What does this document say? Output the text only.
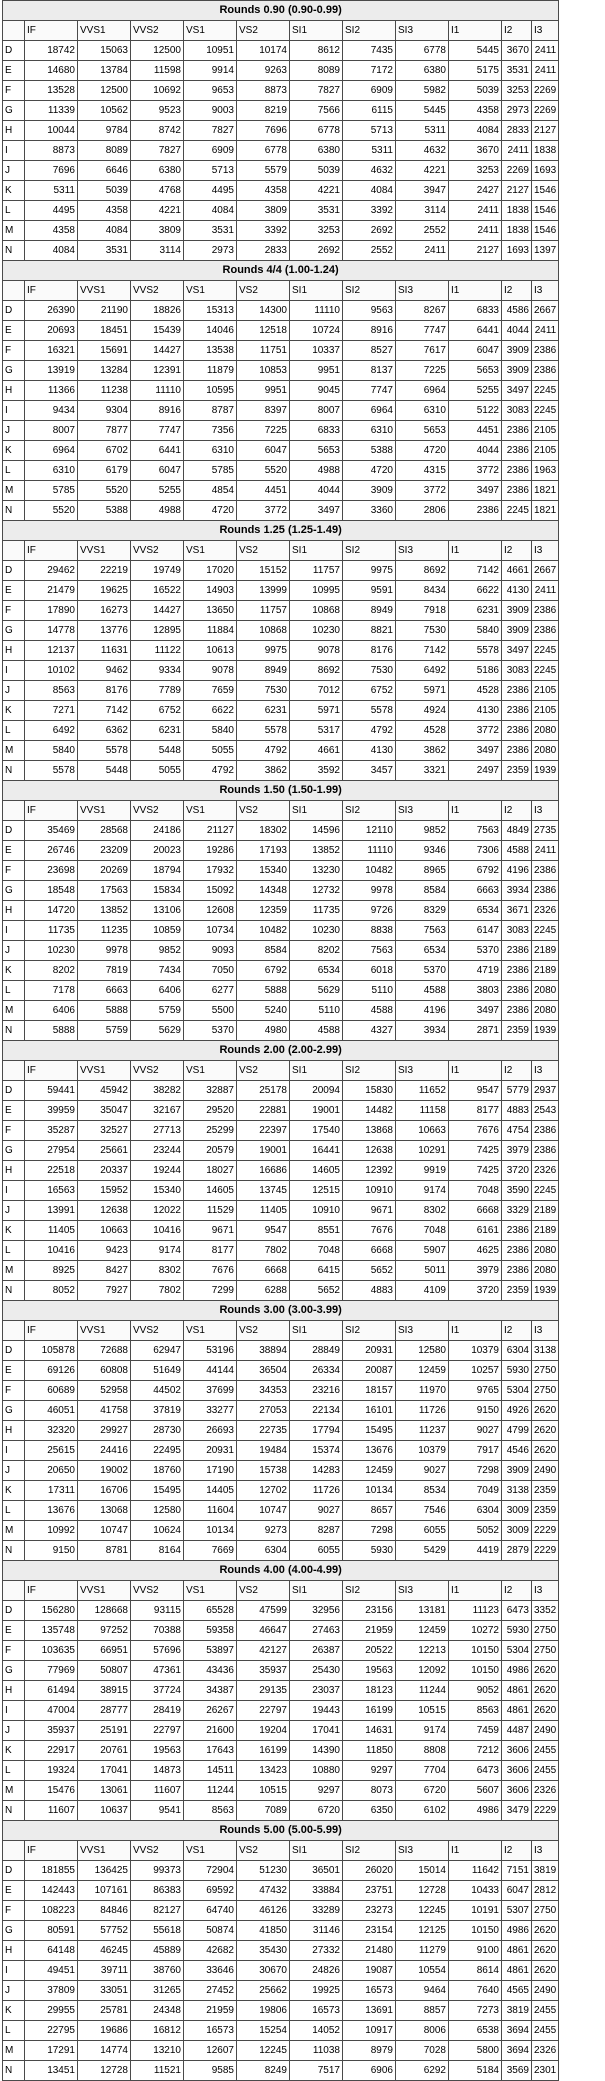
Rounds 0.90 (0.90-0.99)											
	IF	VVS1	VVS2	VS1	VS2	SI1	SI2	SI3	I1	I2	I3
D	18742	15063	12500	10951	10174	8612	7435	6778	5445	3670	2411
E	14680	13784	11598	9914	9263	8089	7172	6380	5175	3531	2411
F	13528	12500	10692	9653	8873	7827	6909	5982	5039	3253	2269
G	11339	10562	9523	9003	8219	7566	6115	5445	4358	2973	2269
H	10044	9784	8742	7827	7696	6778	5713	5311	4084	2833	2127
I	8873	8089	7827	6909	6778	6380	5311	4632	3670	2411	1838
J	7696	6646	6380	5713	5579	5039	4632	4221	3253	2269	1693
K	5311	5039	4768	4495	4358	4221	4084	3947	2427	2127	1546
L	4495	4358	4221	4084	3809	3531	3392	3114	2411	1838	1546
M	4358	4084	3809	3531	3392	3253	2692	2552	2411	1838	1546
N	4084	3531	3114	2973	2833	2692	2552	2411	2127	1693	1397
Rounds 4/4 (1.00-1.24)											
	IF	VVS1	VVS2	VS1	VS2	SI1	SI2	SI3	I1	I2	I3
D	26390	21190	18826	15313	14300	11110	9563	8267	6833	4586	2667
E	20693	18451	15439	14046	12518	10724	8916	7747	6441	4044	2411
F	16321	15691	14427	13538	11751	10337	8527	7617	6047	3909	2386
G	13919	13284	12391	11879	10853	9951	8137	7225	5653	3909	2386
H	11366	11238	11110	10595	9951	9045	7747	6964	5255	3497	2245
I	9434	9304	8916	8787	8397	8007	6964	6310	5122	3083	2245
J	8007	7877	7747	7356	7225	6833	6310	5653	4451	2386	2105
K	6964	6702	6441	6310	6047	5653	5388	4720	4044	2386	2105
L	6310	6179	6047	5785	5520	4988	4720	4315	3772	2386	1963
M	5785	5520	5255	4854	4451	4044	3909	3772	3497	2386	1821
N	5520	5388	4988	4720	3772	3497	3360	2806	2386	2245	1821
Rounds 1.25 (1.25-1.49)											
	IF	VVS1	VVS2	VS1	VS2	SI1	SI2	SI3	I1	I2	I3
D	29462	22219	19749	17020	15152	11757	9975	8692	7142	4661	2667
E	21479	19625	16522	14903	13999	10995	9591	8434	6622	4130	2411
F	17890	16273	14427	13650	11757	10868	8949	7918	6231	3909	2386
G	14778	13776	12895	11884	10868	10230	8821	7530	5840	3909	2386
H	12137	11631	11122	10613	9975	9078	8176	7142	5578	3497	2245
I	10102	9462	9334	9078	8949	8692	7530	6492	5186	3083	2245
J	8563	8176	7789	7659	7530	7012	6752	5971	4528	2386	2105
K	7271	7142	6752	6622	6231	5971	5578	4924	4130	2386	2105
L	6492	6362	6231	5840	5578	5317	4792	4528	3772	2386	2080
M	5840	5578	5448	5055	4792	4661	4130	3862	3497	2386	2080
N	5578	5448	5055	4792	3862	3592	3457	3321	2497	2359	1939
Rounds 1.50 (1.50-1.99)											
	IF	VVS1	VVS2	VS1	VS2	SI1	SI2	SI3	I1	I2	I3
D	35469	28568	24186	21127	18302	14596	12110	9852	7563	4849	2735
E	26746	23209	20023	19286	17193	13852	11110	9346	7306	4588	2411
F	23698	20269	18794	17932	15340	13230	10482	8965	6792	4196	2386
G	18548	17563	15834	15092	14348	12732	9978	8584	6663	3934	2386
H	14720	13852	13106	12608	12359	11735	9726	8329	6534	3671	2326
I	11735	11235	10859	10734	10482	10230	8838	7563	6147	3083	2245
J	10230	9978	9852	9093	8584	8202	7563	6534	5370	2386	2189
K	8202	7819	7434	7050	6792	6534	6018	5370	4719	2386	2189
L	7178	6663	6406	6277	5888	5629	5110	4588	3803	2386	2080
M	6406	5888	5759	5500	5240	5110	4588	4196	3497	2386	2080
N	5888	5759	5629	5370	4980	4588	4327	3934	2871	2359	1939
Rounds 2.00 (2.00-2.99)											
	IF	VVS1	VVS2	VS1	VS2	SI1	SI2	SI3	I1	I2	I3
D	59441	45942	38282	32887	25178	20094	15830	11652	9547	5779	2937
E	39959	35047	32167	29520	22881	19001	14482	11158	8177	4883	2543
F	35287	32527	27713	25299	22397	17540	13868	10663	7676	4754	2386
G	27954	25661	23244	20579	19001	16441	12638	10291	7425	3979	2386
H	22518	20337	19244	18027	16686	14605	12392	9919	7425	3720	2326
I	16563	15952	15340	14605	13745	12515	10910	9174	7048	3590	2245
J	13991	12638	12022	11529	11405	10910	9671	8302	6668	3329	2189
K	11405	10663	10416	9671	9547	8551	7676	7048	6161	2386	2189
L	10416	9423	9174	8177	7802	7048	6668	5907	4625	2386	2080
M	8925	8427	8302	7676	6668	6415	5652	5011	3979	2386	2080
N	8052	7927	7802	7299	6288	5652	4883	4109	3720	2359	1939
Rounds 3.00 (3.00-3.99)											
	IF	VVS1	VVS2	VS1	VS2	SI1	SI2	SI3	I1	I2	I3
D	105878	72688	62947	53196	38894	28849	20931	12580	10379	6304	3138
E	69126	60808	51649	44144	36504	26334	20087	12459	10257	5930	2750
F	60689	52958	44502	37699	34353	23216	18157	11970	9765	5304	2750
G	46051	41758	37819	33277	27053	22134	16101	11726	9150	4926	2620
H	32320	29927	28730	26693	22735	17794	15495	11237	9027	4799	2620
I	25615	24416	22495	20931	19484	15374	13676	10379	7917	4546	2620
J	20650	19002	18760	17190	15738	14283	12459	9027	7298	3909	2490
K	17311	16706	15495	14405	12702	11726	10134	8534	7049	3138	2359
L	13676	13068	12580	11604	10747	9027	8657	7546	6304	3009	2359
M	10992	10747	10624	10134	9273	8287	7298	6055	5052	3009	2229
N	9150	8781	8164	7669	6304	6055	5930	5429	4419	2879	2229
Rounds 4.00 (4.00-4.99)											
	IF	VVS1	VVS2	VS1	VS2	SI1	SI2	SI3	I1	I2	I3
D	156280	128668	93115	65528	47599	32956	23156	13181	11123	6473	3352
E	135748	97252	70388	59358	46647	27463	21959	12459	10272	5930	2750
F	103635	66951	57696	53897	42127	26387	20522	12213	10150	5304	2750
G	77969	50807	47361	43436	35937	25430	19563	12092	10150	4986	2620
H	61494	38915	37724	34387	29135	23037	18123	11244	9052	4861	2620
I	47004	28777	28419	26267	22797	19443	16199	10515	8563	4861	2620
J	35937	25191	22797	21600	19204	17041	14631	9174	7459	4487	2490
K	22917	20761	19563	17643	16199	14390	11850	8808	7212	3606	2455
L	19324	17041	14873	14511	13423	10880	9297	7704	6473	3606	2455
M	15476	13061	11607	11244	10515	9297	8073	6720	5607	3606	2326
N	11607	10637	9541	8563	7089	6720	6350	6102	4986	3479	2229
Rounds 5.00 (5.00-5.99)											
	IF	VVS1	VVS2	VS1	VS2	SI1	SI2	SI3	I1	I2	I3
D	181855	136425	99373	72904	51230	36501	26020	15014	11642	7151	3819
E	142443	107161	86383	69592	47432	33884	23751	12728	10433	6047	2812
F	108223	84846	82127	64740	46126	33289	23273	12245	10191	5307	2750
G	80591	57752	55618	50874	41850	31146	23154	12125	10150	4986	2620
H	64148	46245	45889	42682	35430	27332	21480	11279	9100	4861	2620
I	49451	39711	38760	33646	30670	24826	19087	10554	8614	4861	2620
J	37809	33051	31265	27452	25662	19925	16573	9464	7640	4565	2490
K	29955	25781	24348	21959	19806	16573	13691	8857	7273	3819	2455
L	22795	19686	16812	16573	15254	14052	10917	8006	6538	3694	2455
M	17291	14774	13210	12607	12245	11038	8979	7028	5800	3694	2326
N	13451	12728	11521	9585	8249	7517	6906	6292	5184	3569	2301
